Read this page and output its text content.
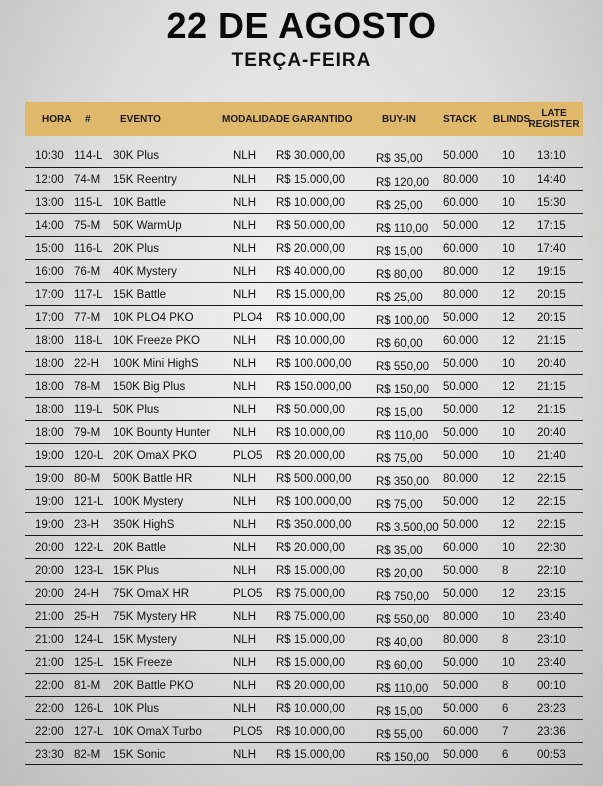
22 DE AGOSTO
TERÇA-FEIRA
HORA #	EVENTO	MODALIDADE GARANTIDO	BUY-IN	STACK BLINDS	LATE
REGISTER
10:30 114-L 30K Plus	NLH R$ 30.000,00	R$ 35,00 50.000 10 13:10
12:00 74-M 15K Reentry	NLH R$ 15.000,00	R$ 120,00 80.000 10 14:40
13:00 115-L 10K Battle	NLH R$ 10.000,00	R$ 25,00 60.000 10 15:30
14:00 75-M 50K WarmUp	NLH R$ 50.000,00	R$ 110,00 50.000 12 17:15
15:00 116-L 20K Plus	NLH R$ 20.000,00	R$ 15,00 60.000 10 17:40
16:00 76-M 40K Mystery	NLH R$ 40.000,00	R$ 80,00 80.000 12 19:15
17:00 117-L 15K Battle	NLH R$ 15.000,00	R$ 25,00 80.000 12 20:15
17:00 77-M 10K PLO4 PKO	PLO4 R$ 10.000,00	R$ 100,00 50.000 12 20:15
18:00 118-L 10K Freeze PKO	NLH R$ 10.000,00	R$ 60,00 60.000 12 21:15
18:00 22-H 100K Mini HighS	NLH R$ 100.000,00 R$ 550,00 50.000 10 20:40
18:00 78-M 150K Big Plus	NLH R$ 150.000,00 R$ 150,00 50.000 12 21:15
18:00 119-L 50K Plus	NLH R$ 50.000,00	R$ 15,00 50.000 12 21:15
18:00 79-M 10K Bounty Hunter NLH R$ 10.000,00	R$ 110,00 50.000 10 20:40
19:00 120-L 20K OmaX PKO	PLO5 R$ 20.000,00	R$ 75,00 50.000 10 21:40
19:00 80-M 500K Battle HR	NLH R$ 500.000,00 R$ 350,00 80.000 12 22:15
19:00 121-L 100K Mystery	NLH R$ 100.000,00 R$ 75,00 50.000 12 22:15
19:00 23-H 350K HighS	NLH R$ 350.000,00 R$ 3.500,00 50.000 12 22:15
20:00 122-L 20K Battle	NLH R$ 20.000,00	R$ 35,00 60.000 10 22:30
20:00 123-L 15K Plus	NLH R$ 15.000,00	R$ 20,00 50.000 8 22:10
20:00 24-H 75K OmaX HR	PLO5 R$ 75.000,00	R$ 750,00 50.000 12 23:15
21:00 25-H 75K Mystery HR	NLH R$ 75.000,00	R$ 550,00 80.000 10 23:40
21:00 124-L 15K Mystery	NLH R$ 15.000,00	R$ 40,00 80.000 8 23:10
21:00 125-L 15K Freeze	NLH R$ 15.000,00	R$ 60,00 50.000 10 23:40
22:00 81-M 20K Battle PKO	NLH R$ 20.000,00	R$ 110,00 50.000 8 00:10
22:00 126-L 10K Plus	NLH R$ 10.000,00	R$ 15,00 50.000 6 23:23
22:00 127-L 10K OmaX Turbo	PLO5 R$ 10.000,00	R$ 55,00 60.000 7 23:36
23:30 82-M 15K Sonic	NLH R$ 15.000,00	R$ 150,00 50.000 6 00:53
